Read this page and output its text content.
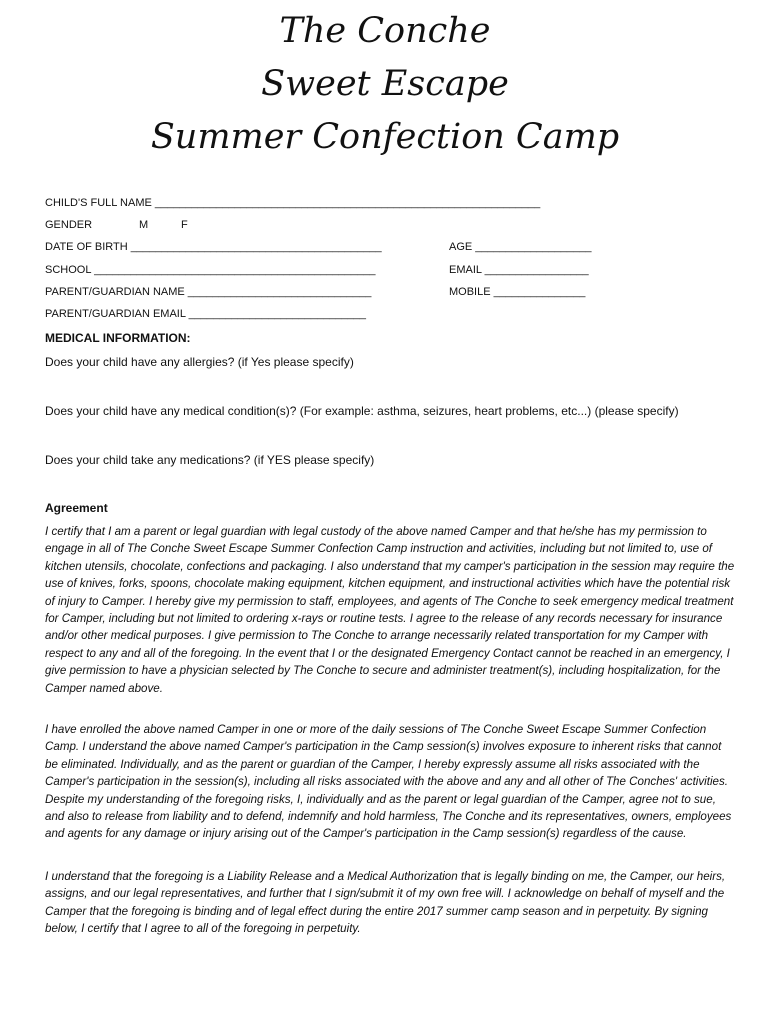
The Conche
Sweet Escape
Summer Confection Camp
CHILD'S FULL NAME _______________________________________________________________
GENDER	M	F
DATE OF BIRTH _________________________________________	AGE ___________________
SCHOOL ______________________________________________	EMAIL _________________
PARENT/GUARDIAN NAME ______________________________	MOBILE _______________
PARENT/GUARDIAN EMAIL _____________________________
MEDICAL INFORMATION:
Does your child have any allergies? (if Yes please specify)
Does your child have any medical condition(s)? (For example: asthma, seizures, heart problems, etc...) (please specify)
Does your child take any medications? (if YES please specify)
Agreement

I certify that I am a parent or legal guardian with legal custody of the above named Camper and that he/she has my permission to engage in all of The Conche Sweet Escape Summer Confection Camp instruction and activities, including but not limited to, use of kitchen utensils, chocolate, confections and packaging. I also understand that my camper's participation in the session may require the use of knives, forks, spoons, chocolate making equipment, kitchen equipment, and instructional activities which have the potential risk of injury to Camper. I hereby give my permission to staff, employees, and agents of The Conche to seek emergency medical treatment for Camper, including but not limited to ordering x-rays or routine tests. I agree to the release of any records necessary for insurance and/or other medical purposes. I give permission to The Conche to arrange necessarily related transportation for my Camper with respect to any and all of the foregoing. In the event that I or the designated Emergency Contact cannot be reached in an emergency, I give permission to have a physician selected by The Conche to secure and administer treatment(s), including hospitalization, for the Camper named above.

I have enrolled the above named Camper in one or more of the daily sessions of The Conche Sweet Escape Summer Confection Camp. I understand the above named Camper's participation in the Camp session(s) involves exposure to inherent risks that cannot be eliminated. Individually, and as the parent or guardian of the Camper, I hereby expressly assume all risks associated with the Camper's participation in the session(s), including all risks associated with the above and any and all other of The Conches' activities. Despite my understanding of the foregoing risks, I, individually and as the parent or legal guardian of the Camper, agree not to sue, and also to release from liability and to defend, indemnify and hold harmless, The Conche and its representatives, owners, employees and agents for any damage or injury arising out of the Camper's participation in the Camp session(s) regardless of the cause.

I understand that the foregoing is a Liability Release and a Medical Authorization that is legally binding on me, the Camper, our heirs, assigns, and our legal representatives, and further that I sign/submit it of my own free will. I acknowledge on behalf of myself and the Camper that the foregoing is binding and of legal effect during the entire 2017 summer camp season and in perpetuity. By signing below, I certify that I agree to all of the foregoing in perpetuity.
